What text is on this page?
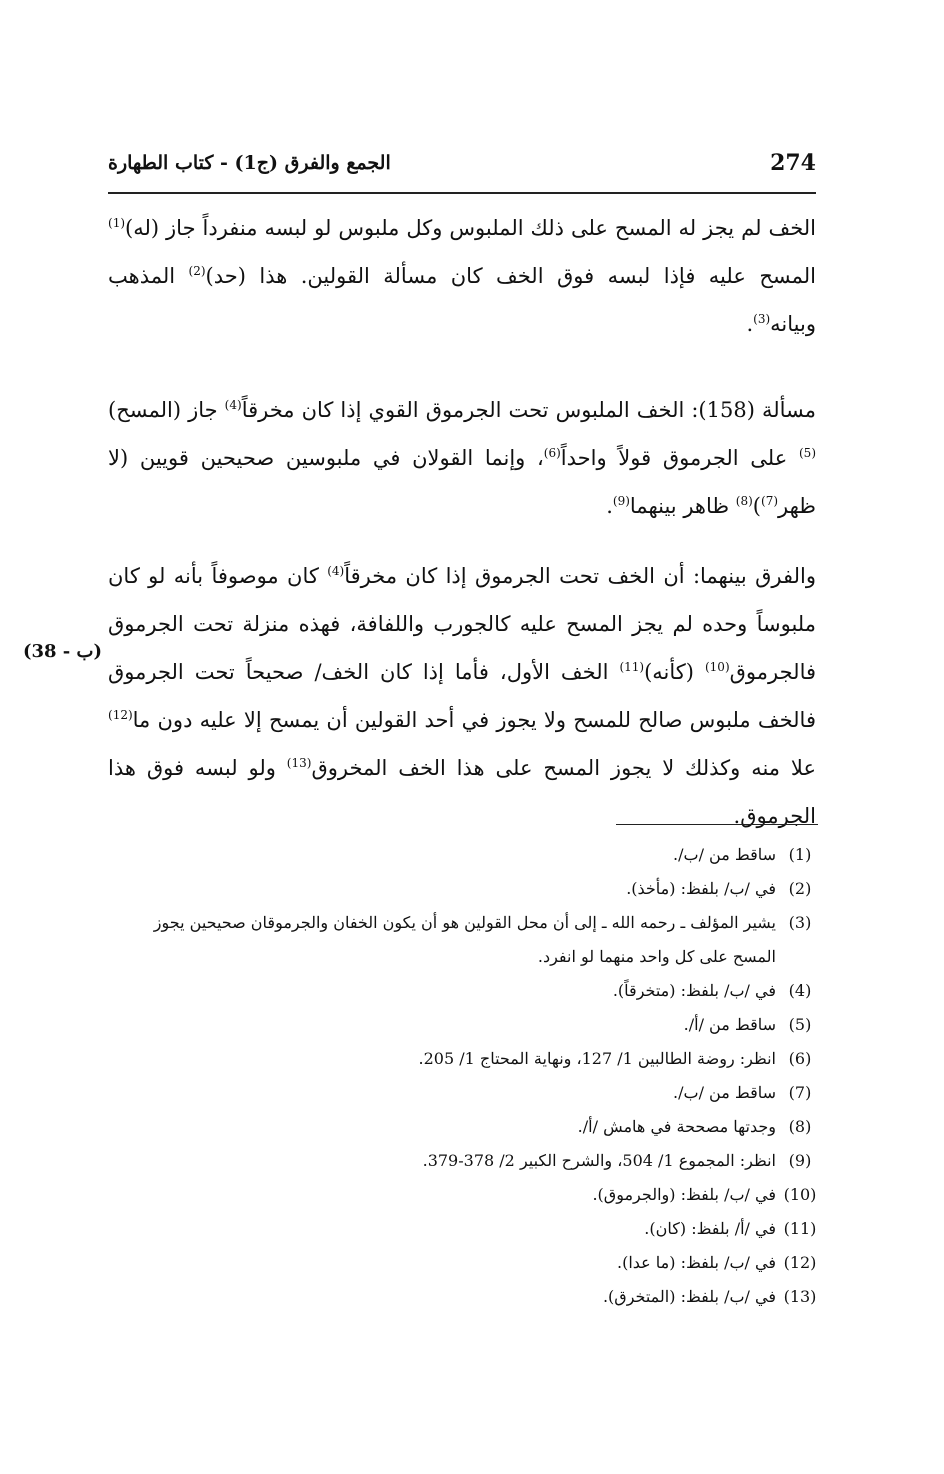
274
الجمع والفرق (ج1) - كتاب الطهارة

الخف لم يجز له المسح على ذلك الملبوس وكل ملبوس لو لبسه منفرداً جاز (له)$^{(1)}$ المسح عليه فإذا لبسه فوق الخف كان مسألة القولين. هذا (حد)$^{(2)}$ المذهب وبيانه$^{(3)}$.

مسألة (158): الخف الملبوس تحت الجرموق القوي إذا كان مخرقاً$^{(4)}$ جاز (المسح)$^{(5)}$ على الجرموق قولاً واحداً$^{(6)}$، وإنما القولان في ملبوسين صحيحين قويين (لا ظهر$^{(7)}$)$^{(8)}$ ظاهر بينهما$^{(9)}$.

والفرق بينهما: أن الخف تحت الجرموق إذا كان مخرقاً$^{(4)}$ كان موصوفاً بأنه لو كان ملبوساً وحده لم يجز المسح عليه كالجورب واللفافة، فهذه منزلة تحت الجرموق فالجرموق$^{(10)}$ (كأنه)$^{(11)}$ الخف الأول، فأما إذا كان الخف/ صحيحاً تحت الجرموق فالخف ملبوس صالح للمسح ولا يجوز في أحد القولين أن يمسح إلا عليه دون ما$^{(12)}$ علا منه وكذلك لا يجوز المسح على هذا الخف المخروق$^{(13)}$ ولو لبسه فوق هذا الجرموق.

(38 - ب)
(1)
ساقط من /ب/.
(2)
في /ب/ بلفظ: (مأخذ).
(3)
يشير المؤلف ـ رحمه الله ـ إلى أن محل القولين هو أن يكون الخفان والجرموقان صحيحين يجوز المسح على كل واحد منهما لو انفرد.
(4)
في /ب/ بلفظ: (متخرقاً).
(5)
ساقط من /أ/.
(6)
انظر: روضة الطالبين 1/ 127، ونهاية المحتاج 1/ 205.
(7)
ساقط من /ب/.
(8)
وجدتها مصححة في هامش /أ/.
(9)
انظر: المجموع 1/ 504، والشرح الكبير 2/ 378-379.
(10)
في /ب/ بلفظ: (والجرموق).
(11)
في /أ/ بلفظ: (كان).
(12)
في /ب/ بلفظ: (ما عدا).
(13)
في /ب/ بلفظ: (المتخرق).
